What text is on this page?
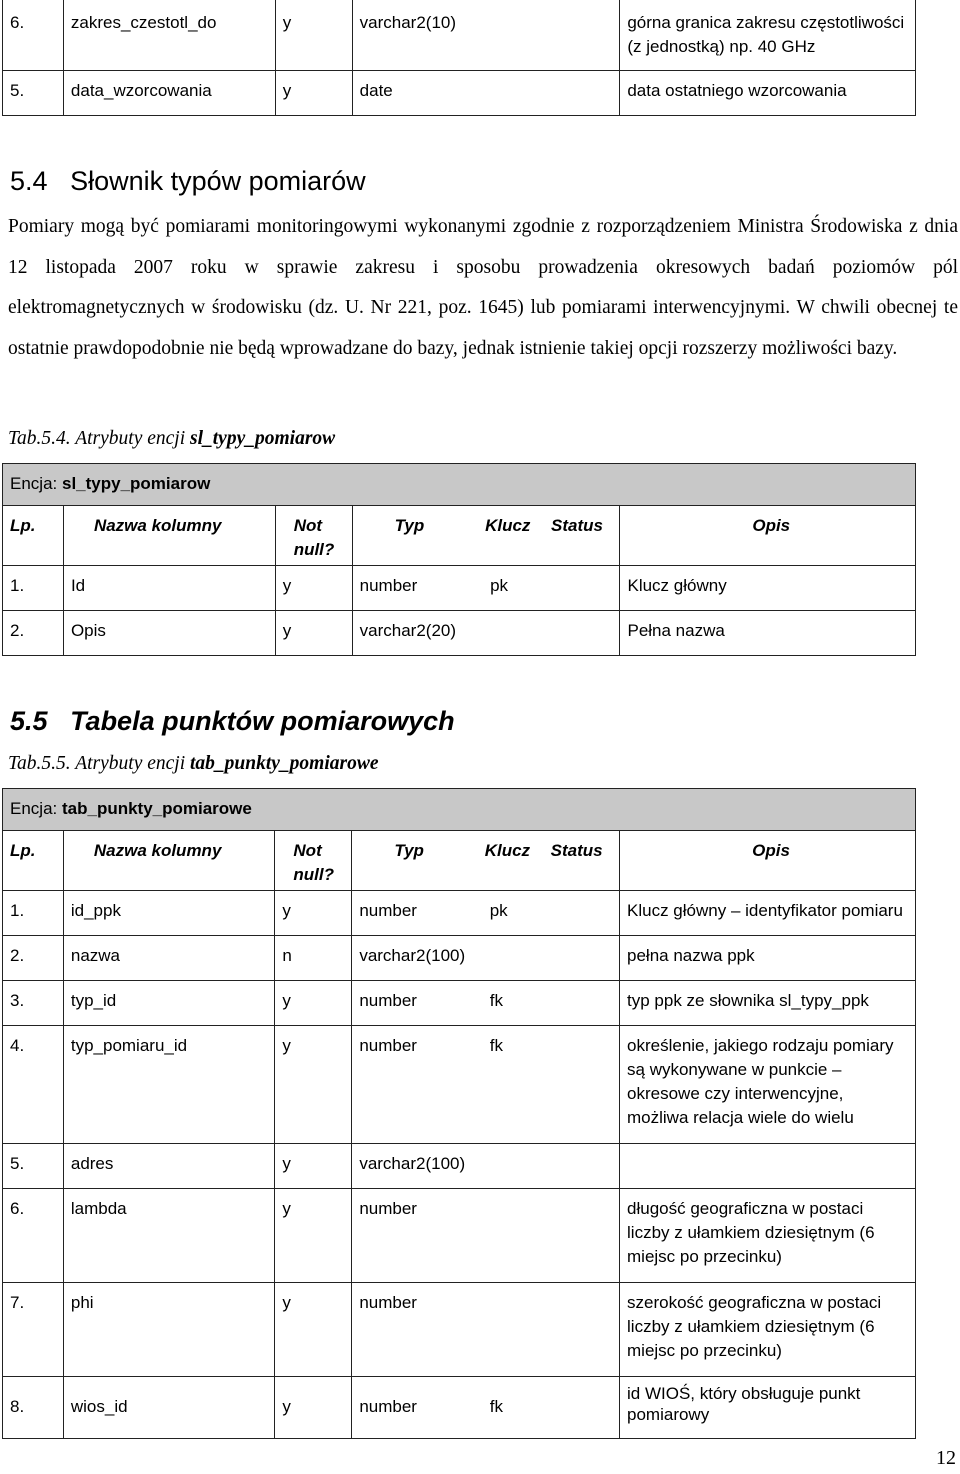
6.	zakres_czestotl_do	y	varchar2(10)			górna granica zakresu częstotliwości (z jednostką) np. 40 GHz
5.	data_wzorcowania	y	date			data ostatniego wzorcowania
5.4 Słownik typów pomiarów
Pomiary mogą być pomiarami monitoringowymi wykonanymi zgodnie z rozporządzeniem Ministra Środowiska z dnia 12 listopada 2007 roku w sprawie zakresu i sposobu prowadzenia okresowych badań poziomów pól elektromagnetycznych w środowisku (dz. U. Nr 221, poz. 1645) lub pomiarami interwencyjnymi. W chwili obecnej te ostatnie prawdopodobnie nie będą wprowadzane do bazy, jednak istnienie takiej opcji rozszerzy możliwości bazy.
Tab.5.4. Atrybuty encji sl_typy_pomiarow
Encja: sl_typy_pomiarow						
Lp.	Nazwa kolumny	Not null?	Typ	Klucz	Status	Opis
1.	Id	y	number	pk		Klucz główny
2.	Opis	y	varchar2(20)			Pełna nazwa
5.5 Tabela punktów pomiarowych
Tab.5.5. Atrybuty encji tab_punkty_pomiarowe
Encja: tab_punkty_pomiarowe						
Lp.	Nazwa kolumny	Not null?	Typ	Klucz	Status	Opis
1.	id_ppk	y	number	pk		Klucz główny – identyfikator pomiaru
2.	nazwa	n	varchar2(100)			pełna nazwa ppk
3.	typ_id	y	number	fk		typ ppk ze słownika sl_typy_ppk
4.	typ_pomiaru_id	y	number	fk		określenie, jakiego rodzaju pomiary są wykonywane w punkcie – okresowe czy interwencyjne, możliwa relacja wiele do wielu
5.	adres	y	varchar2(100)			
6.	lambda	y	number			długość geograficzna w postaci liczby z ułamkiem dziesiętnym (6 miejsc po przecinku)
7.	phi	y	number			szerokość geograficzna w postaci liczby z ułamkiem dziesiętnym (6 miejsc po przecinku)
8.	wios_id	y	number	fk		id WIOŚ, który obsługuje punkt pomiarowy
12
